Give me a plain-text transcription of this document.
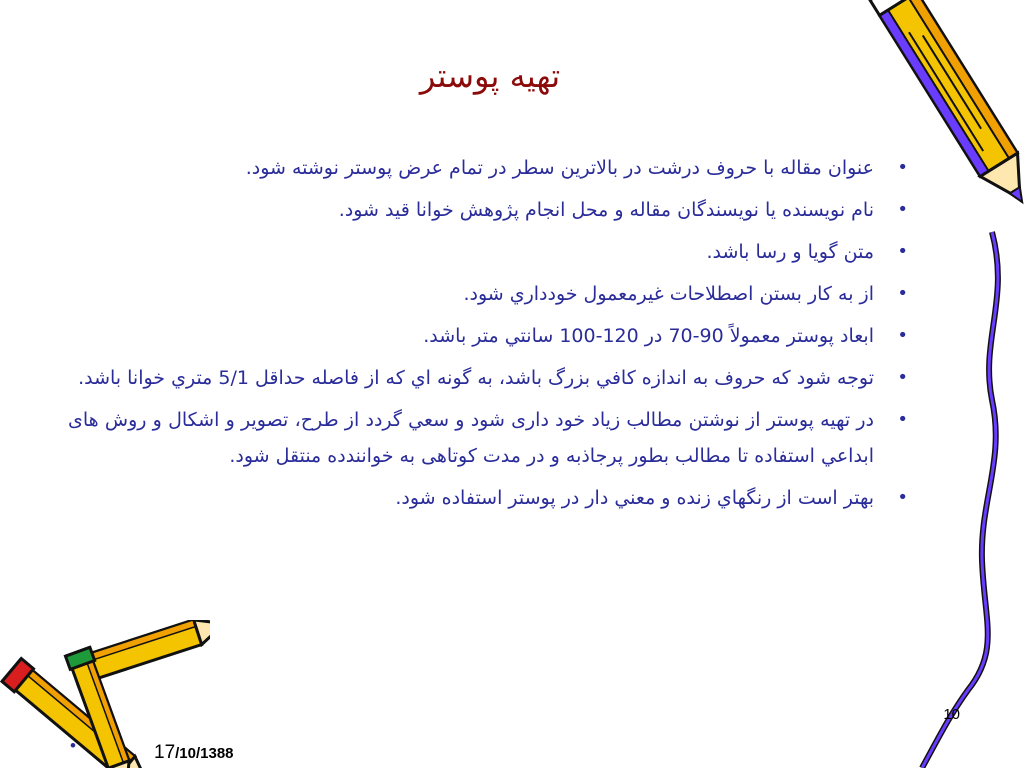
تهيه پوستر
•
عنوان مقاله با حروف درشت در بالاترين سطر در تمام عرض پوستر نوشته شود.
•
نام نويسنده يا نويسندگان مقاله و محل انجام پژوهش خوانا قيد شود.
•
متن گويا و رسا باشد.
•
از به كار بستن اصطلاحات غيرمعمول خودداري شود.
•
ابعاد پوستر معمولاً 90-70 در 120-100 سانتي متر باشد.
•
توجه شود كه حروف به اندازه كافي بزرگ باشد، به گونه اي كه از فاصله حداقل 5/1 متري خوانا باشد.
•
در تهيه پوستر از نوشتن مطالب زياد خود داری شود و سعي گردد از طرح، تصوير و اشكال و روش های ابداعي استفاده تا مطالب بطور پرجاذبه و در مدت كوتاهی به خوانندده منتقل شود.
•
بهتر است از رنگهاي زنده و معني دار در پوستر استفاده شود.
10
•	17/10/1388
